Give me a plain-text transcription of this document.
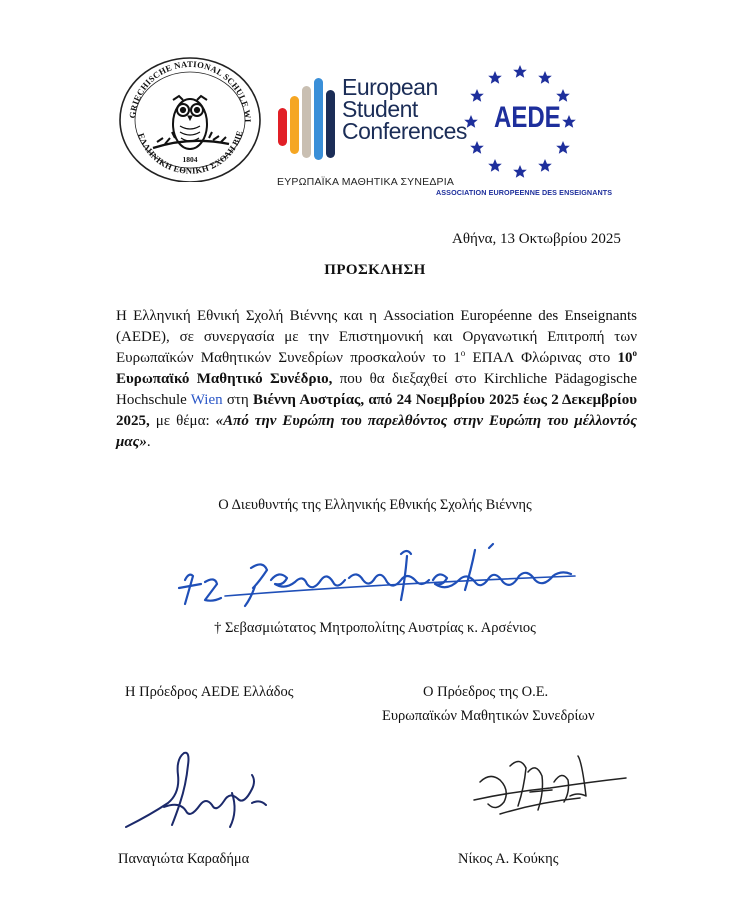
GRIECHISCHE NATIONAL SCHULE WI
ΕΛΛΗΝΙΚΗ ΕΘΝΙΚΗ ΣΧΟΛΗ ΒΙΕ
1804
European
Student
Conferences
ΕΥΡΩΠΑΪΚΑ ΜΑΘΗΤΙΚΑ ΣΥΝΕΔΡΙΑ
AEDE
ASSOCIATION EUROPEENNE DES ENSEIGNANTS
Αθήνα, 13 Οκτωβρίου 2025
ΠΡΟΣΚΛΗΣΗ
Η Ελληνική Εθνική Σχολή Βιέννης και η Association Européenne des Enseignants (AEDE), σε συνεργασία με την Επιστημονική και Οργανωτική Επιτροπή των Ευρωπαϊκών Μαθητικών Συνεδρίων προσκαλούν το $1^o$ ΕΠΑΛ Φλώρινας στο $10^o$ Ευρωπαϊκό Μαθητικό Συνέδριο, που θα διεξαχθεί στο Kirchliche Pädagogische Hochschule Wien στη Βιέννη Αυστρίας, από 24 Νοεμβρίου 2025 έως 2 Δεκεμβρίου 2025, με θέμα: «Από την Ευρώπη του παρελθόντος στην Ευρώπη του μέλλοντός μας».
Ο Διευθυντής της Ελληνικής Εθνικής Σχολής Βιέννης
† Σεβασμιώτατος Μητροπολίτης Αυστρίας κ. Αρσένιος
Η Πρόεδρος AEDE Ελλάδος	Ο Πρόεδρος της Ο.Ε.
Ευρωπαϊκών Μαθητικών Συνεδρίων
Παναγιώτα Καραδήμα	Νίκος Α. Κούκης
